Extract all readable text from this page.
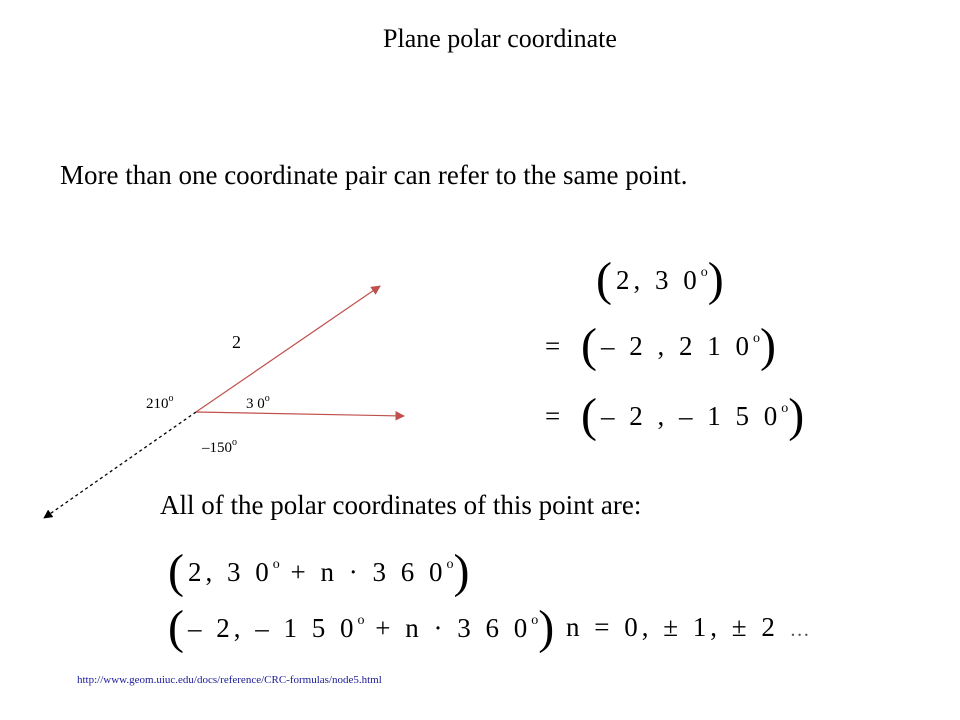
Plane polar coordinate
More than one coordinate pair can refer to the same point.
2
210$^o$	3 0$^o$
–150$^o$
(2, 3 $0^o$)
= (– 2 , 2 1 $0^o$)
= (– 2 , – 1 5 0$^o$)
All of the polar coordinates of this point are:
(2, 3 $0^o + n \cdot 3$ 6 0$^o$)
(– 2, – 1 5 $0^o + n \cdot 3$ 6 0$^o$) n = 0, ± 1, ± 2 …
http://www.geom.uiuc.edu/docs/reference/CRC-formulas/node5.html
